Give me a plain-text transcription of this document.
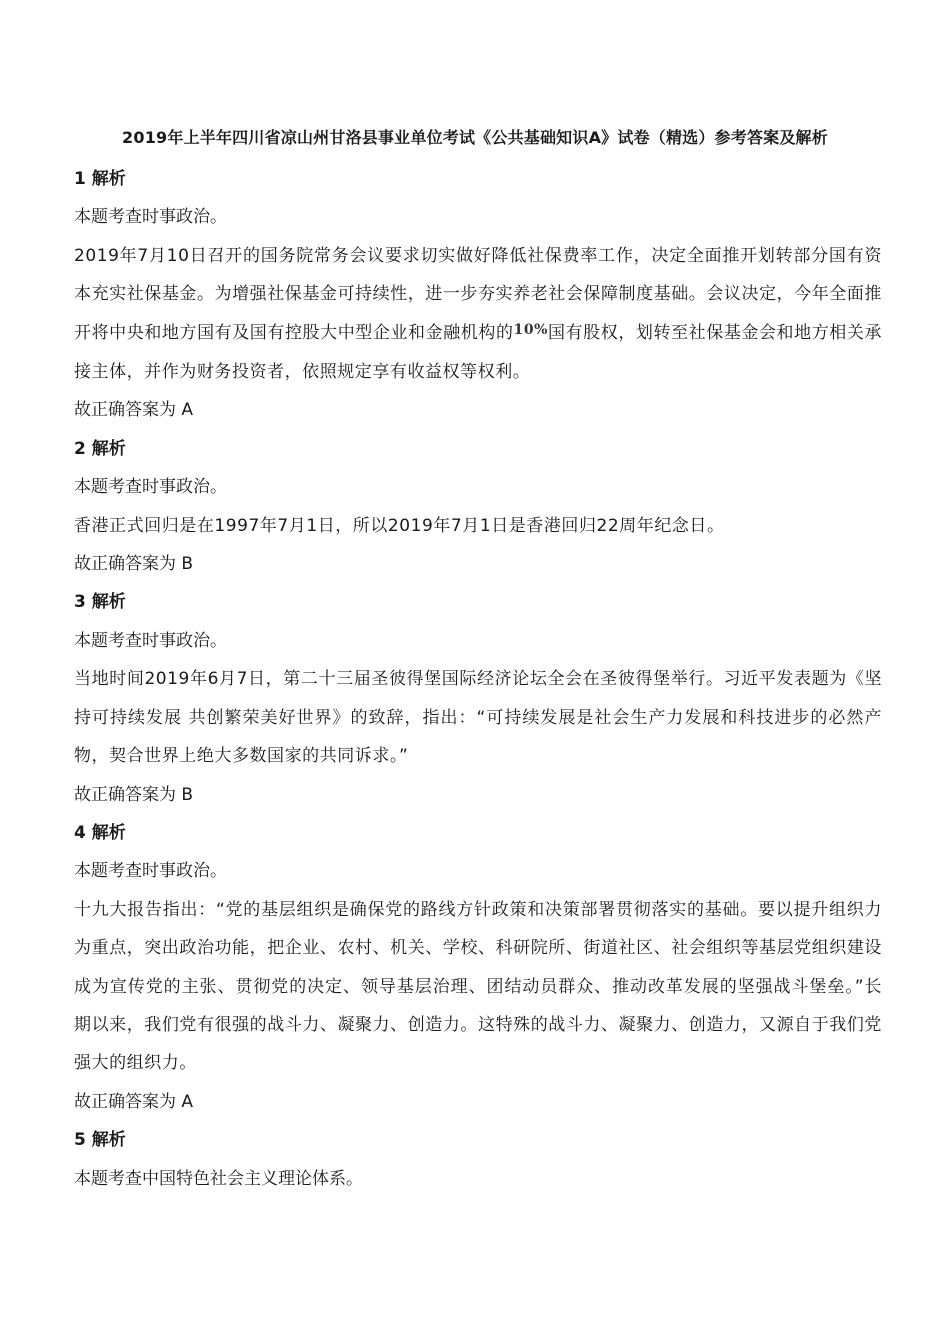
2019年上半年四川省凉山州甘洛县事业单位考试《公共基础知识A》试卷（精选）参考答案及解析
1 解析
本题考查时事政治。
2019年7月10日召开的国务院常务会议要求切实做好降低社保费率工作，决定全面推开划转部分国有资本充实社保基金。为增强社保基金可持续性，进一步夯实养老社会保障制度基础。会议决定，今年全面推开将中央和地方国有及国有控股大中型企业和金融机构的$^{10\%}$国有股权，划转至社保基金会和地方相关承接主体，并作为财务投资者，依照规定享有收益权等权利。
故正确答案为 A
2 解析
本题考查时事政治。
香港正式回归是在1997年7月1日，所以2019年7月1日是香港回归22周年纪念日。
故正确答案为 B
3 解析
本题考查时事政治。
当地时间2019年6月7日，第二十三届圣彼得堡国际经济论坛全会在圣彼得堡举行。习近平发表题为《坚持可持续发展 共创繁荣美好世界》的致辞，指出：“可持续发展是社会生产力发展和科技进步的必然产物，契合世界上绝大多数国家的共同诉求。”
故正确答案为 B
4 解析
本题考查时事政治。
十九大报告指出：“党的基层组织是确保党的路线方针政策和决策部署贯彻落实的基础。要以提升组织力为重点，突出政治功能，把企业、农村、机关、学校、科研院所、街道社区、社会组织等基层党组织建设成为宣传党的主张、贯彻党的决定、领导基层治理、团结动员群众、推动改革发展的坚强战斗堡垒。”长期以来，我们党有很强的战斗力、凝聚力、创造力。这特殊的战斗力、凝聚力、创造力，又源自于我们党强大的组织力。
故正确答案为 A
5 解析
本题考查中国特色社会主义理论体系。
